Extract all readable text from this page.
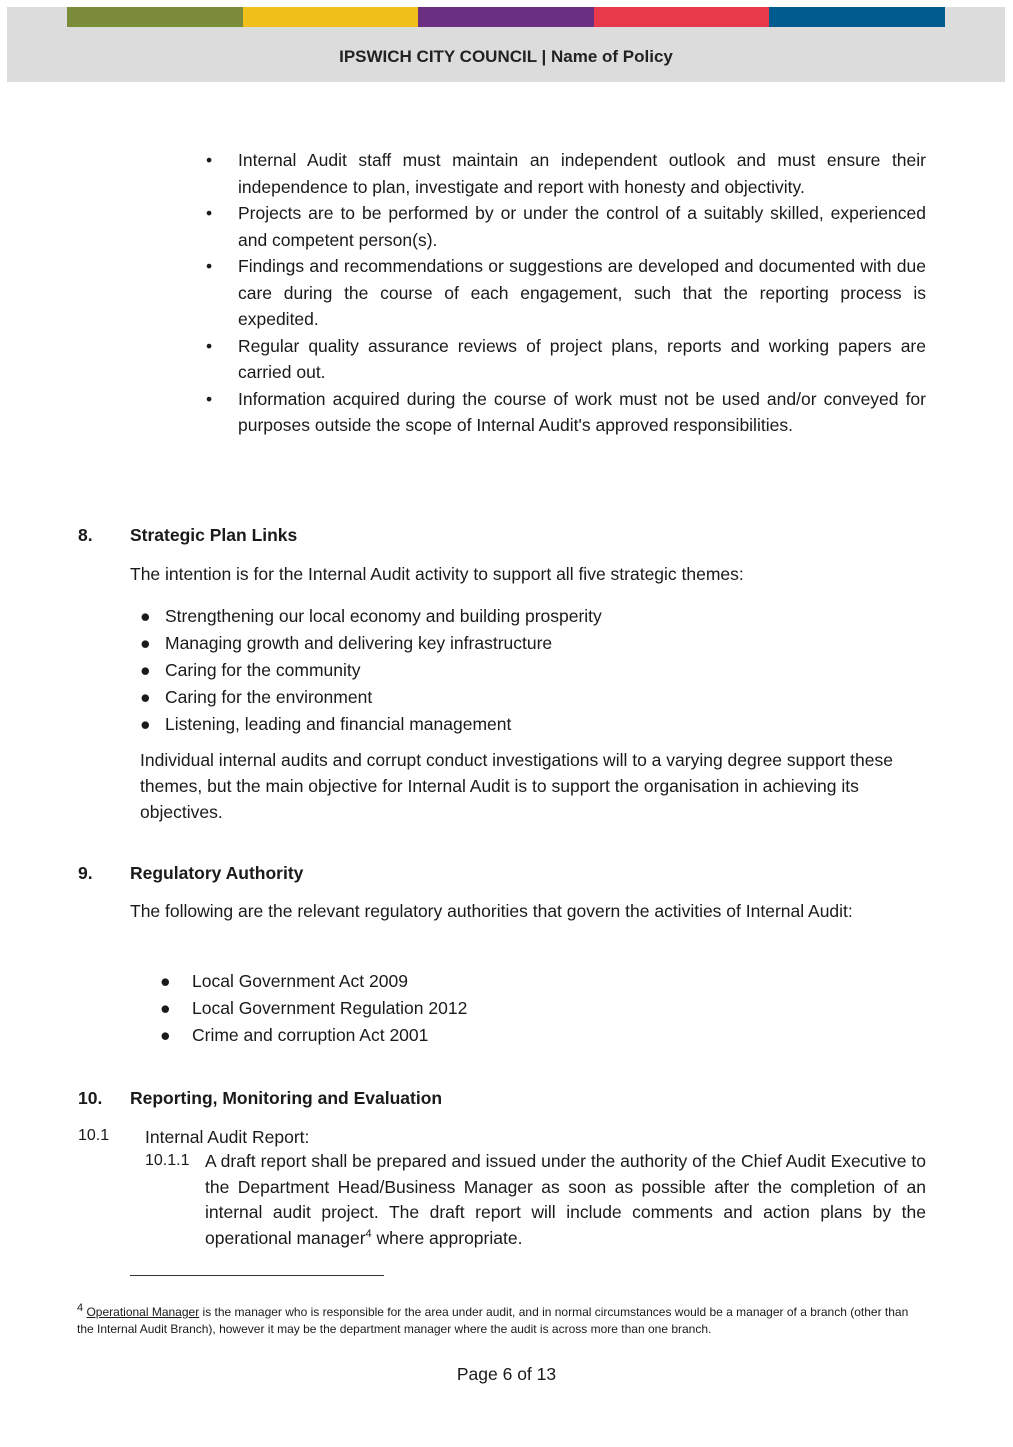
IPSWICH CITY COUNCIL | Name of Policy
• Internal Audit staff must maintain an independent outlook and must ensure their independence to plan, investigate and report with honesty and objectivity.
• Projects are to be performed by or under the control of a suitably skilled, experienced and competent person(s).
• Findings and recommendations or suggestions are developed and documented with due care during the course of each engagement, such that the reporting process is expedited.
• Regular quality assurance reviews of project plans, reports and working papers are carried out.
• Information acquired during the course of work must not be used and/or conveyed for purposes outside the scope of Internal Audit's approved responsibilities.
8. Strategic Plan Links
The intention is for the Internal Audit activity to support all five strategic themes:
● Strengthening our local economy and building prosperity
● Managing growth and delivering key infrastructure
● Caring for the community
● Caring for the environment
● Listening, leading and financial management
Individual internal audits and corrupt conduct investigations will to a varying degree support these themes, but the main objective for Internal Audit is to support the organisation in achieving its objectives.
9. Regulatory Authority
The following are the relevant regulatory authorities that govern the activities of Internal Audit:
● Local Government Act 2009
● Local Government Regulation 2012
● Crime and corruption Act 2001
10. Reporting, Monitoring and Evaluation
10.1 Internal Audit Report:
10.1.1 A draft report shall be prepared and issued under the authority of the Chief Audit Executive to the Department Head/Business Manager as soon as possible after the completion of an internal audit project. The draft report will include comments and action plans by the operational manager$^4$ where appropriate.
$^4$ Operational Manager is the manager who is responsible for the area under audit, and in normal circumstances would be a manager of a branch (other than the Internal Audit Branch), however it may be the department manager where the audit is across more than one branch.
Page 6 of 13
